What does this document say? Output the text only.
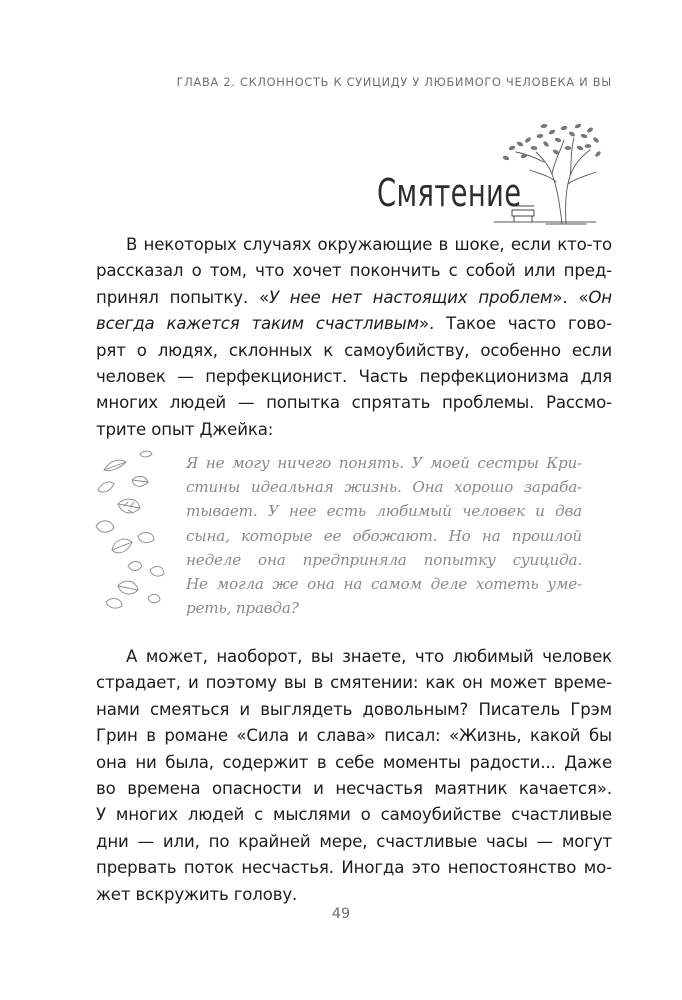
ГЛАВА 2. СКЛОННОСТЬ К СУИЦИДУ У ЛЮБИМОГО ЧЕЛОВЕКА И ВЫ
Смятение
В некоторых случаях окружающие в шоке, если кто-то
рассказал о том, что хочет покончить с собой или пред-
принял попытку. «У нее нет настоящих проблем». «Он
всегда кажется таким счастливым». Такое часто гово-
рят о людях, склонных к самоубийству, особенно если
человек — перфекционист. Часть перфекционизма для
многих людей — попытка спрятать проблемы. Рассмо-
трите опыт Джейка:
Я не могу ничего понять. У моей сестры Кри-
стины идеальная жизнь. Она хорошо зараба-
тывает. У нее есть любимый человек и два
сына, которые ее обожают. Но на прошлой
неделе она предприняла попытку суицида.
Не могла же она на самом деле хотеть уме-
реть, правда?
А может, наоборот, вы знаете, что любимый человек
страдает, и поэтому вы в смятении: как он может време-
нами смеяться и выглядеть довольным? Писатель Грэм
Грин в романе «Сила и слава» писал: «Жизнь, какой бы
она ни была, содержит в себе моменты радости... Даже
во времена опасности и несчастья маятник качается».
У многих людей с мыслями о самоубийстве счастливые
дни — или, по крайней мере, счастливые часы — могут
прервать поток несчастья. Иногда это непостоянство мо-
жет вскружить голову.
49
